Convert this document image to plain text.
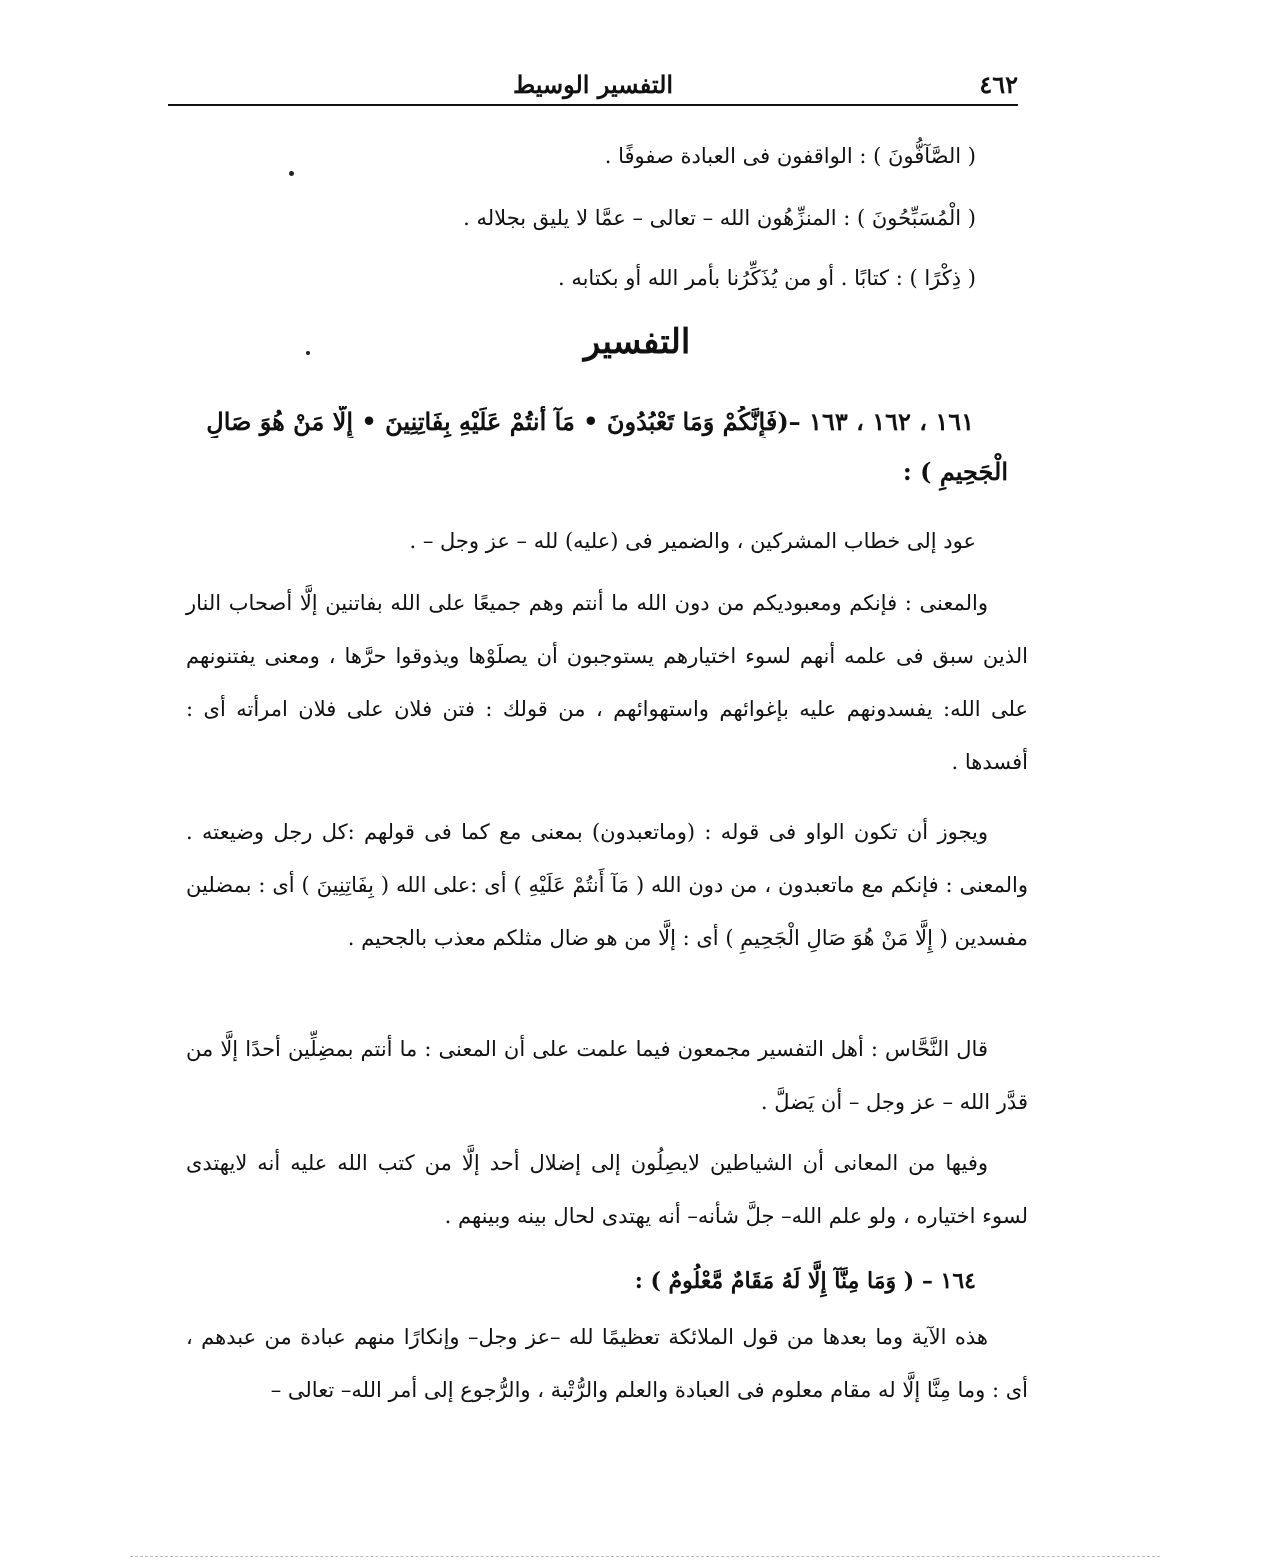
٤٦٢
التفسير الوسيط
( الصَّآفُّونَ ) : الواقفون فى العبادة صفوفًا .
( الْمُسَبِّحُونَ ) : المنزِّهُون الله – تعالى – عمَّا لا يليق بجلاله .
( ذِكْرًا ) : كتابًا . أو من يُذَكِّرُنا بأمر الله أو بكتابه .
التفسير
١٦١ ، ١٦٢ ، ١٦٣ –(فَإِنَّكُمْ وَمَا تَعْبُدُونَ • مَآ أَنتُمْ عَلَيْهِ بِفَاتِنِينَ • إِلَّا مَنْ هُوَ صَالِ
الْجَحِيمِ ) :
عود إلى خطاب المشركين ، والضمير فى (عليه) لله – عز وجل – .
والمعنى : فإنكم ومعبوديكم من دون الله ما أنتم وهم جميعًا على الله بفاتنين إلَّا أصحاب النار الذين سبق فى علمه أنهم لسوء اختيارهم يستوجبون أن يصلَوْها ويذوقوا حرَّها ، ومعنى يفتنونهم على الله: يفسدونهم عليه بإغوائهم واستهوائهم ، من قولك : فتن فلان على فلان امرأته أى : أفسدها .
ويجوز أن تكون الواو فى قوله : (وماتعبدون) بمعنى مع كما فى قولهم :كل رجل وضيعته . والمعنى : فإنكم مع ماتعبدون ، من دون الله ( مَآ أَنتُمْ عَلَيْهِ ) أى :على الله ( بِفَاتِنِينَ ) أى : بمضلين مفسدين ( إِلَّا مَنْ هُوَ صَالِ الْجَحِيمِ ) أى : إلَّا من هو ضال مثلكم معذب بالجحيم .
قال النَّحَّاس : أهل التفسير مجمعون فيما علمت على أن المعنى : ما أنتم بمضِلِّين أحدًا إلَّا من قدَّر الله – عز وجل – أن يَضلَّ .
وفيها من المعانى أن الشياطين لايصِلُون إلى إضلال أحد إلَّا من كتب الله عليه أنه لايهتدى لسوء اختياره ، ولو علم الله– جلَّ شأنه– أنه يهتدى لحال بينه وبينهم .
١٦٤ – ( وَمَا مِنَّآ إِلَّا لَهُ مَقَامٌ مَّعْلُومٌ ) :
هذه الآية وما بعدها من قول الملائكة تعظيمًا لله –عز وجل– وإنكارًا منهم عبادة من عبدهم ، أى : وما مِنَّا إلَّا له مقام معلوم فى العبادة والعلم والرُّتْبة ، والرُّجوع إلى أمر الله– تعالى –
